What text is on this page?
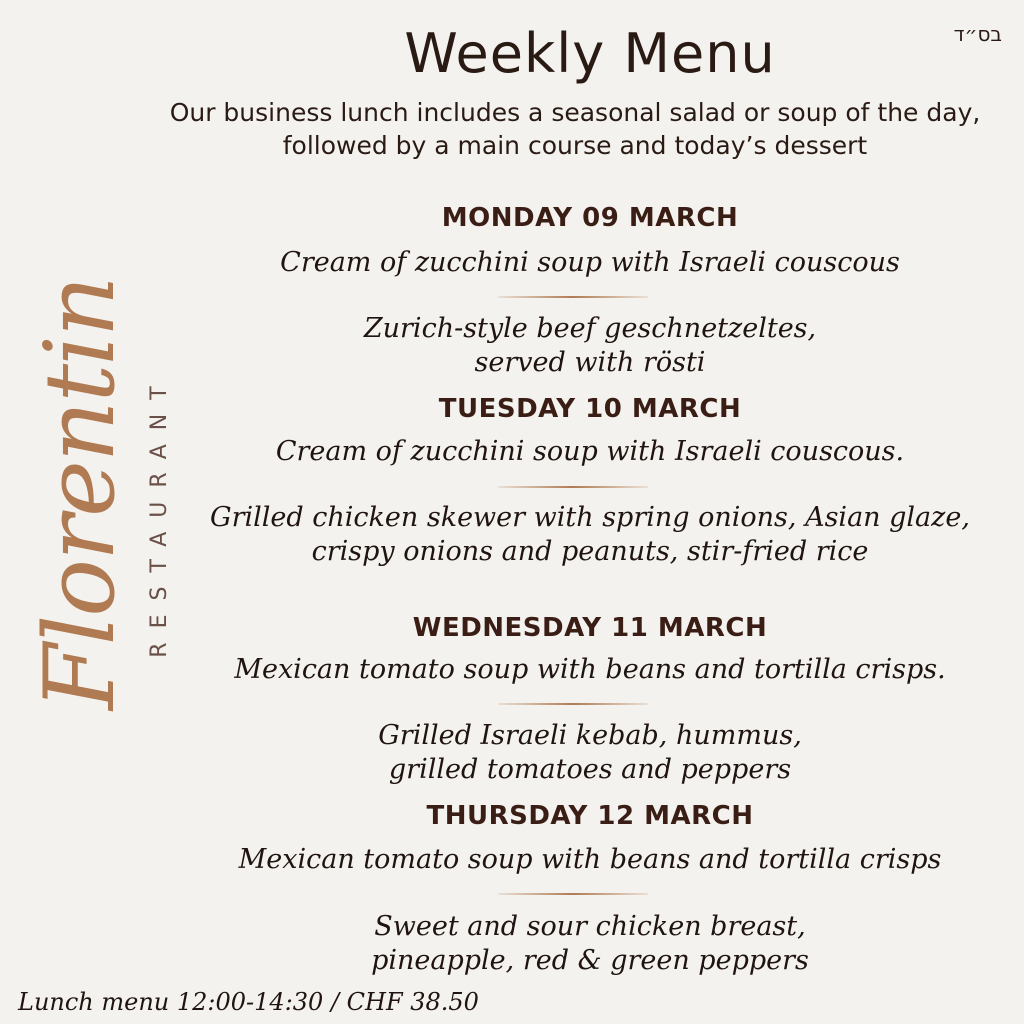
בס״ד
Weekly Menu
Our business lunch includes a seasonal salad or soup of the day, followed by a main course and today’s dessert
Florentin RESTAURANT
MONDAY 09 MARCH
Cream of zucchini soup with Israeli couscous
Zurich-style beef geschnetzeltes,
served with rösti
TUESDAY 10 MARCH
Cream of zucchini soup with Israeli couscous.
Grilled chicken skewer with spring onions, Asian glaze,
crispy onions and peanuts, stir-fried rice
WEDNESDAY 11 MARCH
Mexican tomato soup with beans and tortilla crisps.
Grilled Israeli kebab, hummus,
grilled tomatoes and peppers
THURSDAY 12 MARCH
Mexican tomato soup with beans and tortilla crisps
Sweet and sour chicken breast,
pineapple, red & green peppers
Lunch menu 12:00-14:30 / CHF 38.50
